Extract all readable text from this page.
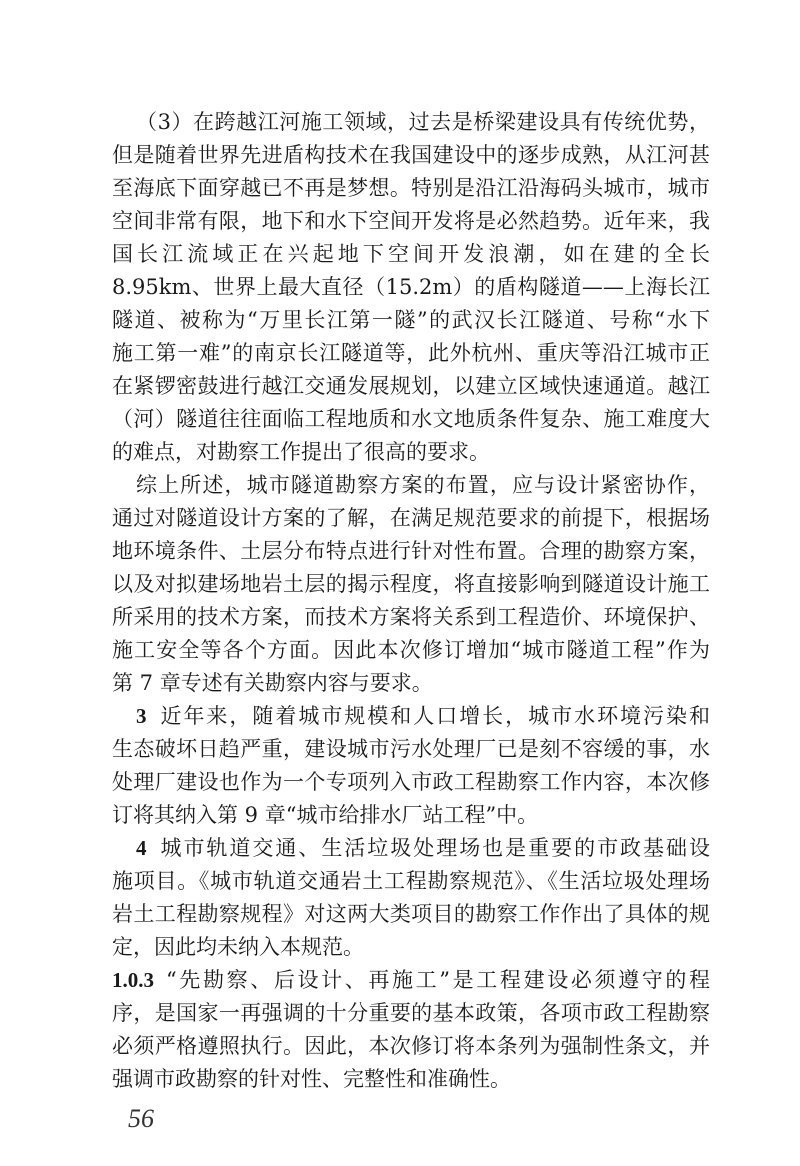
（3）在跨越江河施工领域，过去是桥梁建设具有传统优势，
但是随着世界先进盾构技术在我国建设中的逐步成熟，从江河甚
至海底下面穿越已不再是梦想。特别是沿江沿海码头城市，城市
空间非常有限，地下和水下空间开发将是必然趋势。近年来，我
国长江流域正在兴起地下空间开发浪潮，如在建的全长
8.95km、世界上最大直径（15.2m）的盾构隧道——上海长江
隧道、被称为“万里长江第一隧”的武汉长江隧道、号称“水下
施工第一难”的南京长江隧道等，此外杭州、重庆等沿江城市正
在紧锣密鼓进行越江交通发展规划，以建立区域快速通道。越江
（河）隧道往往面临工程地质和水文地质条件复杂、施工难度大
的难点，对勘察工作提出了很高的要求。
综上所述，城市隧道勘察方案的布置，应与设计紧密协作，
通过对隧道设计方案的了解，在满足规范要求的前提下，根据场
地环境条件、土层分布特点进行针对性布置。合理的勘察方案，
以及对拟建场地岩土层的揭示程度，将直接影响到隧道设计施工
所采用的技术方案，而技术方案将关系到工程造价、环境保护、
施工安全等各个方面。因此本次修订增加“城市隧道工程”作为
第 7 章专述有关勘察内容与要求。
3 近年来，随着城市规模和人口增长，城市水环境污染和
生态破坏日趋严重，建设城市污水处理厂已是刻不容缓的事，水
处理厂建设也作为一个专项列入市政工程勘察工作内容，本次修
订将其纳入第 9 章“城市给排水厂站工程”中。
4 城市轨道交通、生活垃圾处理场也是重要的市政基础设
施项目。《城市轨道交通岩土工程勘察规范》、《生活垃圾处理场
岩土工程勘察规程》对这两大类项目的勘察工作作出了具体的规
定，因此均未纳入本规范。
1.0.3 “先勘察、后设计、再施工”是工程建设必须遵守的程
序，是国家一再强调的十分重要的基本政策，各项市政工程勘察
必须严格遵照执行。因此，本次修订将本条列为强制性条文，并
强调市政勘察的针对性、完整性和准确性。
56
